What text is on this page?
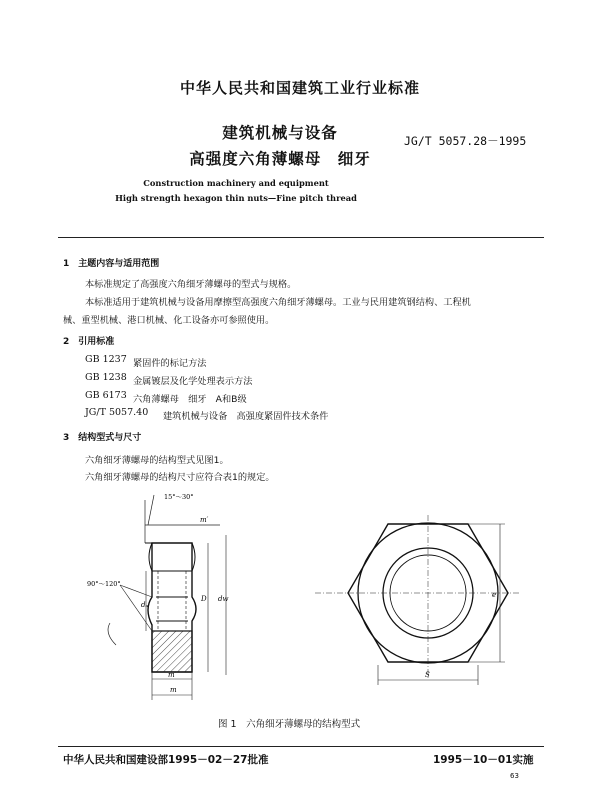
中华人民共和国建筑工业行业标准
建筑机械与设备
高强度六角薄螺母　细牙
JG/T 5057.28－1995
Construction machinery and equipment
High strength hexagon thin nuts—Fine pitch thread
1　主题内容与适用范围
本标准规定了高强度六角细牙薄螺母的型式与规格。
本标准适用于建筑机械与设备用摩擦型高强度六角细牙薄螺母。工业与民用建筑钢结构、工程机
械、重型机械、港口机械、化工设备亦可参照使用。
2　引用标准
GB 1237 紧固件的标记方法
GB 1238 金属镀层及化学处理表示方法
GB 6173 六角薄螺母　细牙　A和B级
JG/T 5057.40 建筑机械与设备　高强度紧固件技术条件
3　结构型式与尺寸
六角细牙薄螺母的结构型式见图1。
六角细牙薄螺母的结构尺寸应符合表1的规定。
15°～30°
m′
90°～120°
dₐ
D dw
m′
m
S
e
图 1　六角细牙薄螺母的结构型式
中华人民共和国建设部1995－02－27批准	1995－10－01实施
63
